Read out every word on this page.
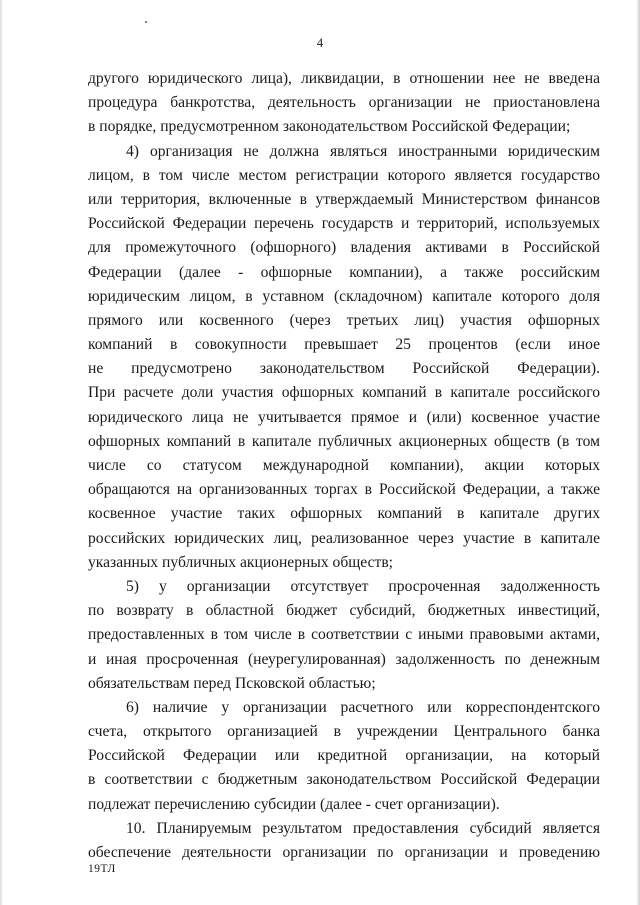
4
другого юридического лица), ликвидации, в отношении нее не введена
процедура банкротства, деятельность организации не приостановлена
в порядке, предусмотренном законодательством Российской Федерации;
4) организация не должна являться иностранными юридическим
лицом, в том числе местом регистрации которого является государство
или территория, включенные в утверждаемый Министерством финансов
Российской Федерации перечень государств и территорий, используемых
для промежуточного (офшорного) владения активами в Российской
Федерации (далее - офшорные компании), а также российским
юридическим лицом, в уставном (складочном) капитале которого доля
прямого или косвенного (через третьих лиц) участия офшорных
компаний в совокупности превышает 25 процентов (если иное
не предусмотрено законодательством Российской Федерации).
При расчете доли участия офшорных компаний в капитале российского
юридического лица не учитывается прямое и (или) косвенное участие
офшорных компаний в капитале публичных акционерных обществ (в том
числе со статусом международной компании), акции которых
обращаются на организованных торгах в Российской Федерации, а также
косвенное участие таких офшорных компаний в капитале других
российских юридических лиц, реализованное через участие в капитале
указанных публичных акционерных обществ;
5) у организации отсутствует просроченная задолженность
по возврату в областной бюджет субсидий, бюджетных инвестиций,
предоставленных в том числе в соответствии с иными правовыми актами,
и иная просроченная (неурегулированная) задолженность по денежным
обязательствам перед Псковской областью;
6) наличие у организации расчетного или корреспондентского
счета, открытого организацией в учреждении Центрального банка
Российской Федерации или кредитной организации, на который
в соответствии с бюджетным законодательством Российской Федерации
подлежат перечислению субсидии (далее - счет организации).
10. Планируемым результатом предоставления субсидий является
обеспечение деятельности организации по организации и проведению
19ТЛ
